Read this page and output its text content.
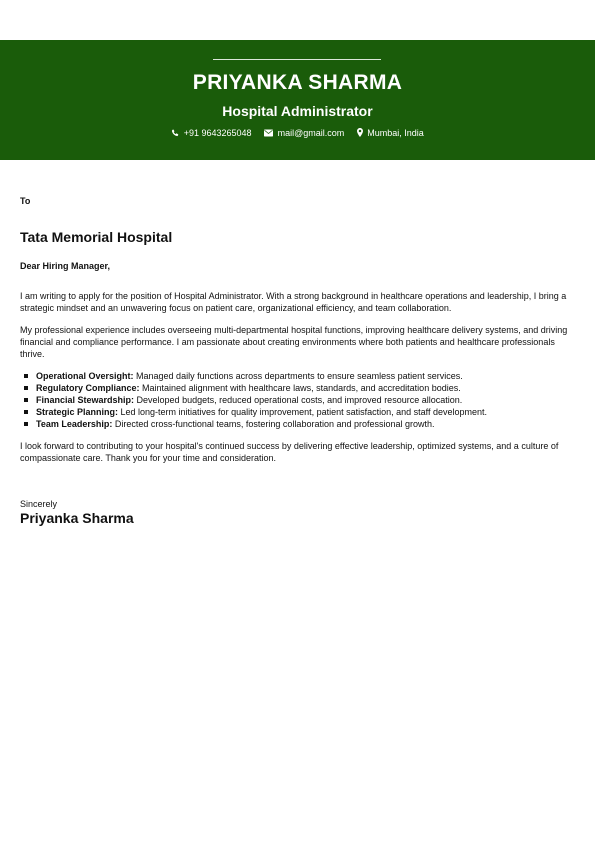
PRIYANKA SHARMA
Hospital Administrator
+91 9643265048	mail@gmail.com	Mumbai, India
To
Tata Memorial Hospital
Dear Hiring Manager,

I am writing to apply for the position of Hospital Administrator. With a strong background in healthcare operations and leadership, I bring a strategic mindset and an unwavering focus on patient care, organizational efficiency, and team collaboration.

My professional experience includes overseeing multi-departmental hospital functions, improving healthcare delivery systems, and driving financial and compliance performance. I am passionate about creating environments where both patients and healthcare professionals thrive.

Operational Oversight: Managed daily functions across departments to ensure seamless patient services.
Regulatory Compliance: Maintained alignment with healthcare laws, standards, and accreditation bodies.
Financial Stewardship: Developed budgets, reduced operational costs, and improved resource allocation.
Strategic Planning: Led long-term initiatives for quality improvement, patient satisfaction, and staff development.
Team Leadership: Directed cross-functional teams, fostering collaboration and professional growth.

I look forward to contributing to your hospital's continued success by delivering effective leadership, optimized systems, and a culture of compassionate care. Thank you for your time and consideration.

Sincerely
Priyanka Sharma
